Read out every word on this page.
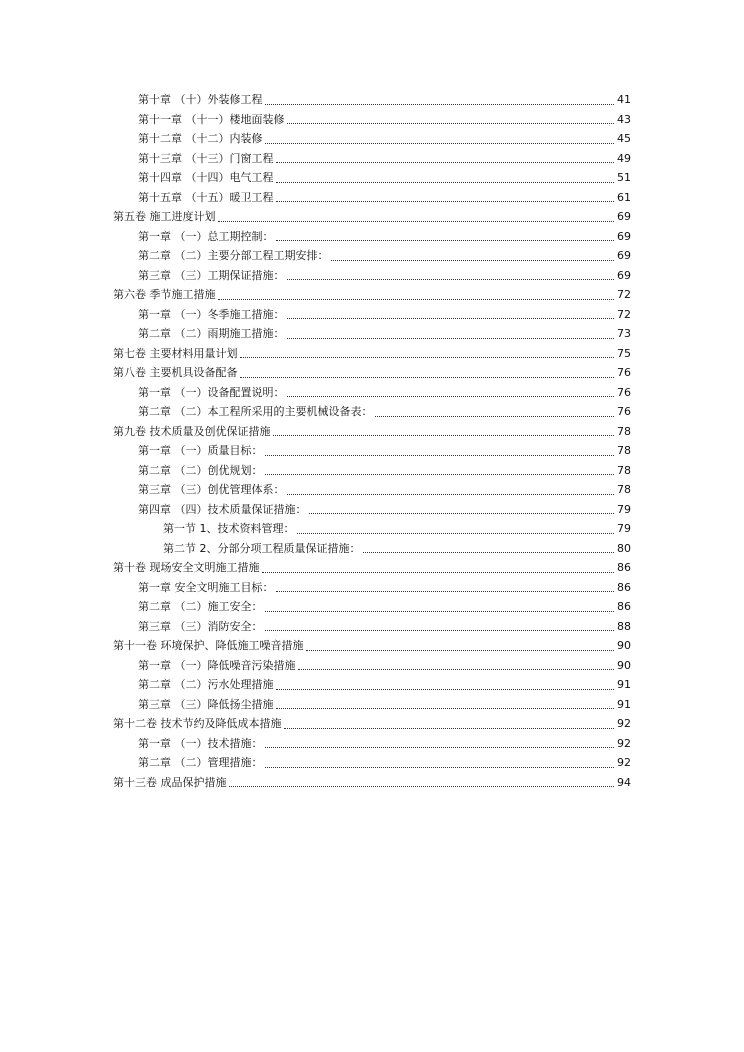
第十章 （十）外装修工程	41
第十一章 （十一）楼地面装修	43
第十二章 （十二）内装修	45
第十三章 （十三）门窗工程	49
第十四章 （十四）电气工程	51
第十五章 （十五）暖卫工程	61
第五卷 施工进度计划	69
第一章 （一）总工期控制：	69
第二章 （二）主要分部工程工期安排：	69
第三章 （三）工期保证措施：	69
第六卷 季节施工措施	72
第一章 （一）冬季施工措施：	72
第二章 （二）雨期施工措施：	73
第七卷 主要材料用量计划	75
第八卷 主要机具设备配备	76
第一章 （一）设备配置说明：	76
第二章 （二）本工程所采用的主要机械设备表：	76
第九卷 技术质量及创优保证措施	78
第一章 （一）质量目标：	78
第二章 （二）创优规划：	78
第三章 （三）创优管理体系：	78
第四章 （四）技术质量保证措施：	79
第一节 1、技术资料管理：	79
第二节 2、分部分项工程质量保证措施：	80
第十卷 现场安全文明施工措施	86
第一章 安全文明施工目标：	86
第二章 （二）施工安全：	86
第三章 （三）消防安全：	88
第十一卷 环境保护、降低施工噪音措施	90
第一章 （一）降低噪音污染措施	90
第二章 （二）污水处理措施	91
第三章 （三）降低扬尘措施	91
第十二卷 技术节约及降低成本措施	92
第一章 （一）技术措施：	92
第二章 （二）管理措施：	92
第十三卷 成品保护措施	94
